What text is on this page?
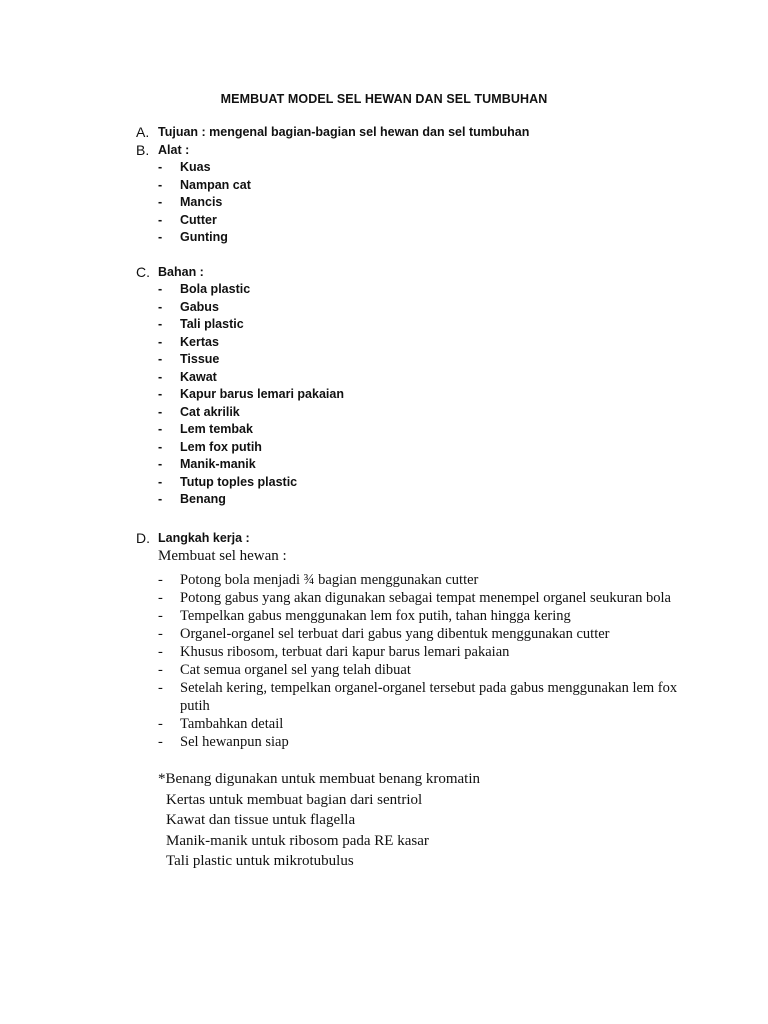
MEMBUAT MODEL SEL HEWAN DAN SEL TUMBUHAN
A. Tujuan : mengenal bagian-bagian sel hewan dan sel tumbuhan
B. Alat :
- Kuas
- Nampan cat
- Mancis
- Cutter
- Gunting
C. Bahan :
- Bola plastic
- Gabus
- Tali plastic
- Kertas
- Tissue
- Kawat
- Kapur barus lemari pakaian
- Cat akrilik
- Lem tembak
- Lem fox putih
- Manik-manik
- Tutup toples plastic
- Benang
D. Langkah kerja :
Membuat sel hewan :
- Potong bola menjadi ¾ bagian menggunakan cutter
- Potong gabus yang akan digunakan sebagai tempat menempel organel seukuran bola
- Tempelkan gabus menggunakan lem fox putih, tahan hingga kering
- Organel-organel sel terbuat dari gabus yang dibentuk menggunakan cutter
- Khusus ribosom, terbuat dari kapur barus lemari pakaian
- Cat semua organel sel yang telah dibuat
- Setelah kering, tempelkan organel-organel tersebut pada gabus menggunakan lem fox putih
- Tambahkan detail
- Sel hewanpun siap
*Benang digunakan untuk membuat benang kromatin
Kertas untuk membuat bagian dari sentriol
Kawat dan tissue untuk flagella
Manik-manik untuk ribosom pada RE kasar
Tali plastic untuk mikrotubulus
